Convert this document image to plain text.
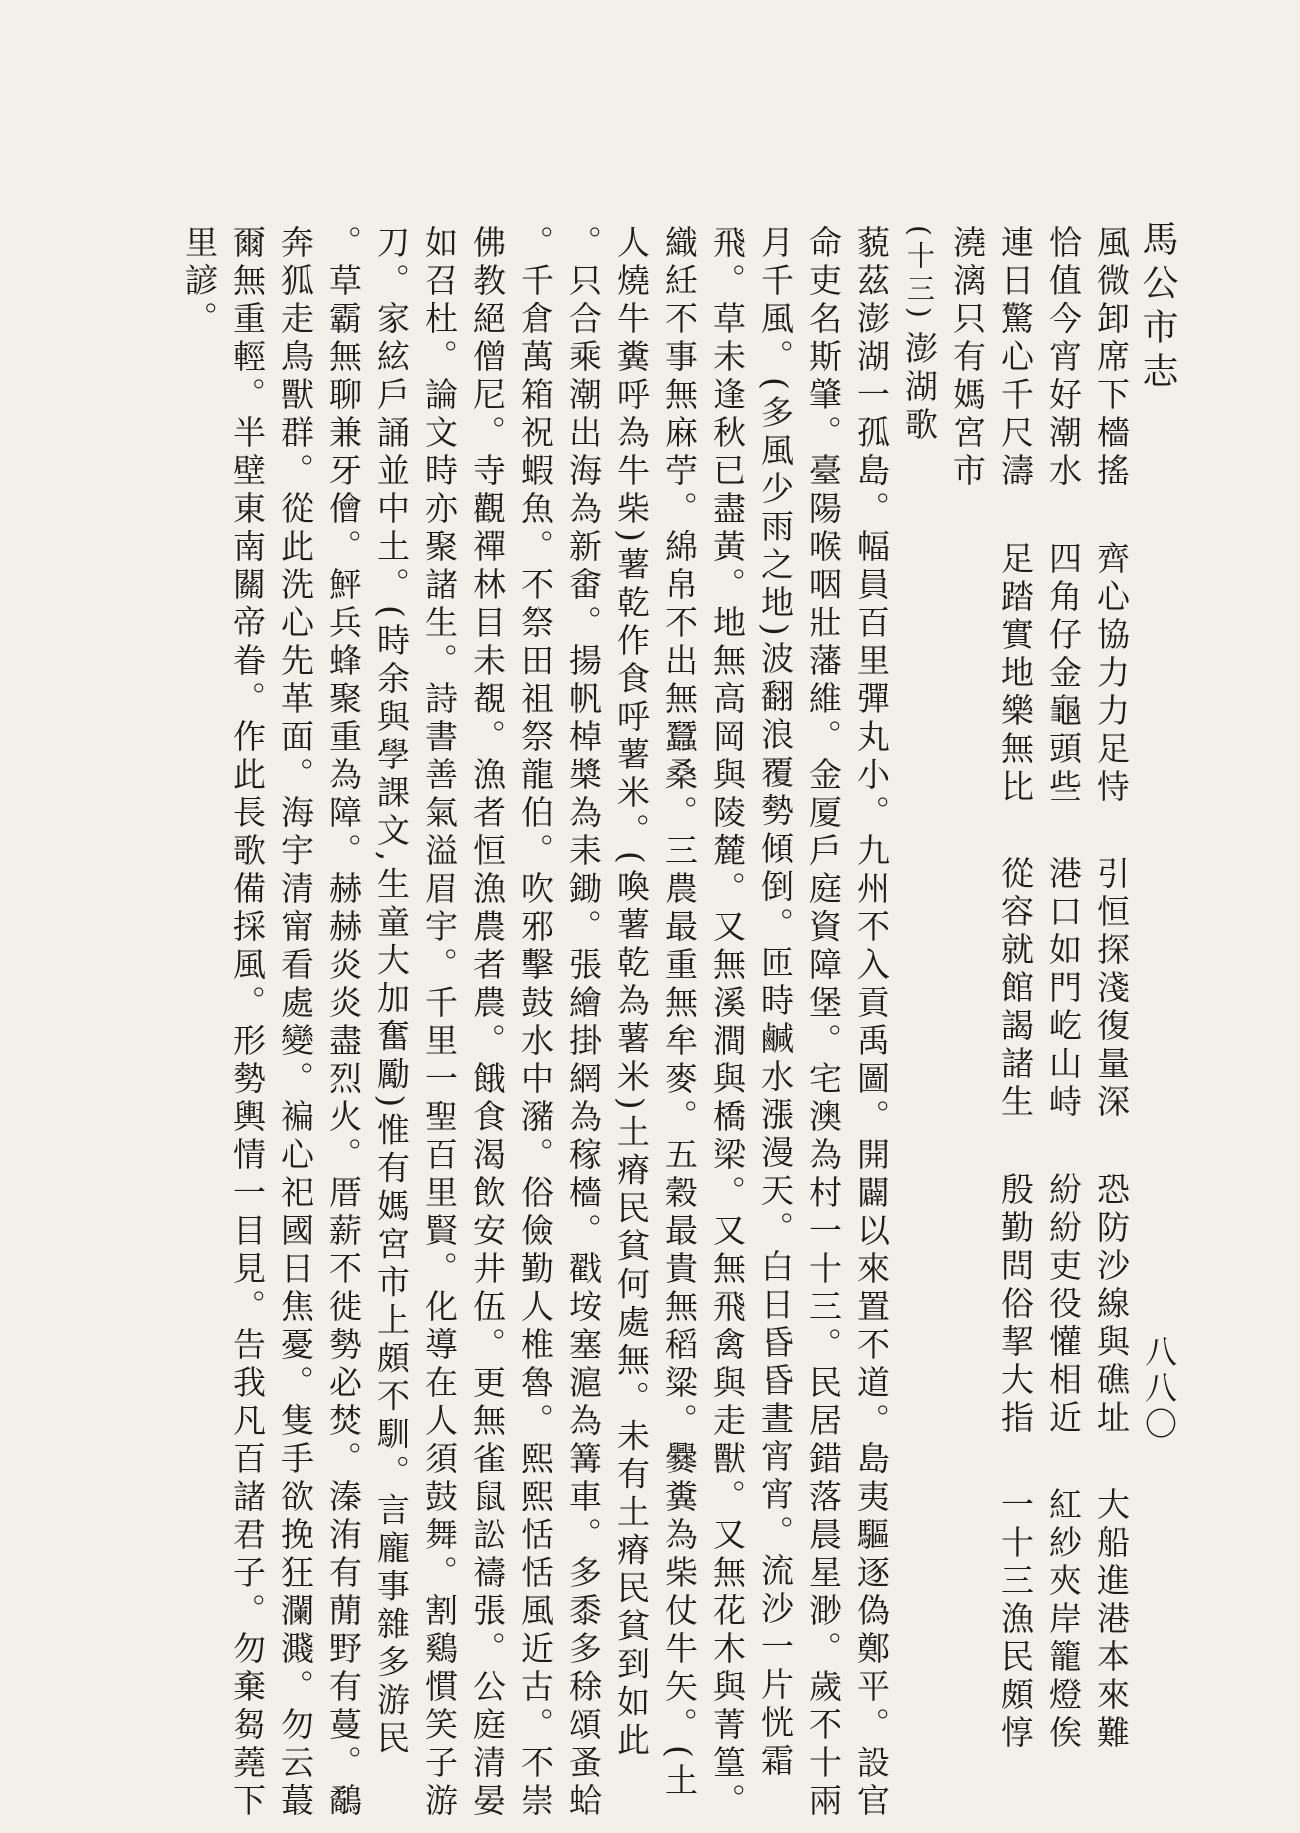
馬公市志
八八〇
風微卸席下檣搖 齊心協力力足恃 引恒探淺復量深 恐防沙線與礁址 大船進港本來難
恰值今宵好潮水 四角仔金龜頭些 港口如門屹山峙 紛紛吏役懽相近 紅紗夾岸籠燈俟
連日驚心千尺濤 足踏實地樂無比 從容就館謁諸生 殷勤問俗挈大指 一十三漁民頗惇
澆漓只有媽宮市
(十三)澎湖歌
藐茲澎湖一孤島。幅員百里彈丸小。九州不入貢禹圖。開闢以來置不道。島夷驅逐偽鄭平。設官
命吏名斯肇。臺陽喉咽壯藩維。金厦戶庭資障堡。宅澳為村一十三。民居錯落晨星渺。歲不十兩
月千風。(多風少雨之地)波翻浪覆勢傾倒。匝時鹹水漲漫天。白日昏昏晝宵宵。流沙一片恍霜
飛。草未逢秋已盡黃。地無高岡與陵麓。又無溪澗與橋梁。又無飛禽與走獸。又無花木與菁篁。
織紝不事無麻苧。綿帛不出無蠶桑。三農最重無牟麥。五穀最貴無稻粱。爨糞為柴仗牛矢。(土
人燒牛糞呼為牛柴)薯乾作食呼薯米。(喚薯乾為薯米)土瘠民貧何處無。未有土瘠民貧到如此
。只合乘潮出海為新畬。揚帆棹槳為耒鋤。張繪掛網為稼檣。戳垵塞滬為篝車。多黍多稌頌蚤蛤
。千倉萬箱祝蝦魚。不祭田祖祭龍伯。吹邪擊鼓水中瀦。俗儉勤人椎魯。熙熙恬恬風近古。不崇
佛教絕僧尼。寺觀禪林目未覩。漁者恒漁農者農。餓食渴飲安井伍。更無雀鼠訟禱張。公庭清晏
如召杜。論文時亦聚諸生。詩書善氣溢眉宇。千里一聖百里賢。化導在人須鼓舞。割鷄慣笑子游
刀。家絃戶誦並中土。(時余與學課文,生童大加奮勵)惟有媽宮市上頗不馴。言龐事雜多游民
。草霸無聊兼牙儈。鮃兵蜂聚重為障。赫赫炎炎盡烈火。厝薪不徙勢必焚。溱洧有蕑野有蔓。鷸
奔狐走鳥獸群。從此洗心先革面。海宇清甯看處變。褊心祀國日焦憂。隻手欲挽狂瀾濺。勿云蕞
爾無重輕。半壁東南關帝眷。作此長歌備採風。形勢輿情一目見。告我凡百諸君子。勿棄芻蕘下
里諺。
